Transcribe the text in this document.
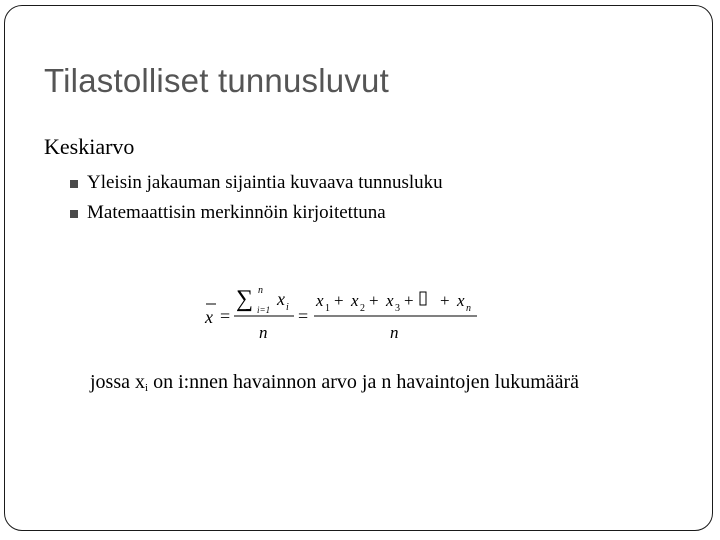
Tilastolliset tunnusluvut
Keskiarvo
Yleisin jakauman sijaintia kuvaava tunnusluku
Matemaattisin merkinnöin kirjoitettuna
x =
∑ n
i=1
x i
n
=
x 1 + x 2 + x 3 + + x n
n
jossa $x_i$ on i:nnen havainnon arvo ja n havaintojen lukumäärä
